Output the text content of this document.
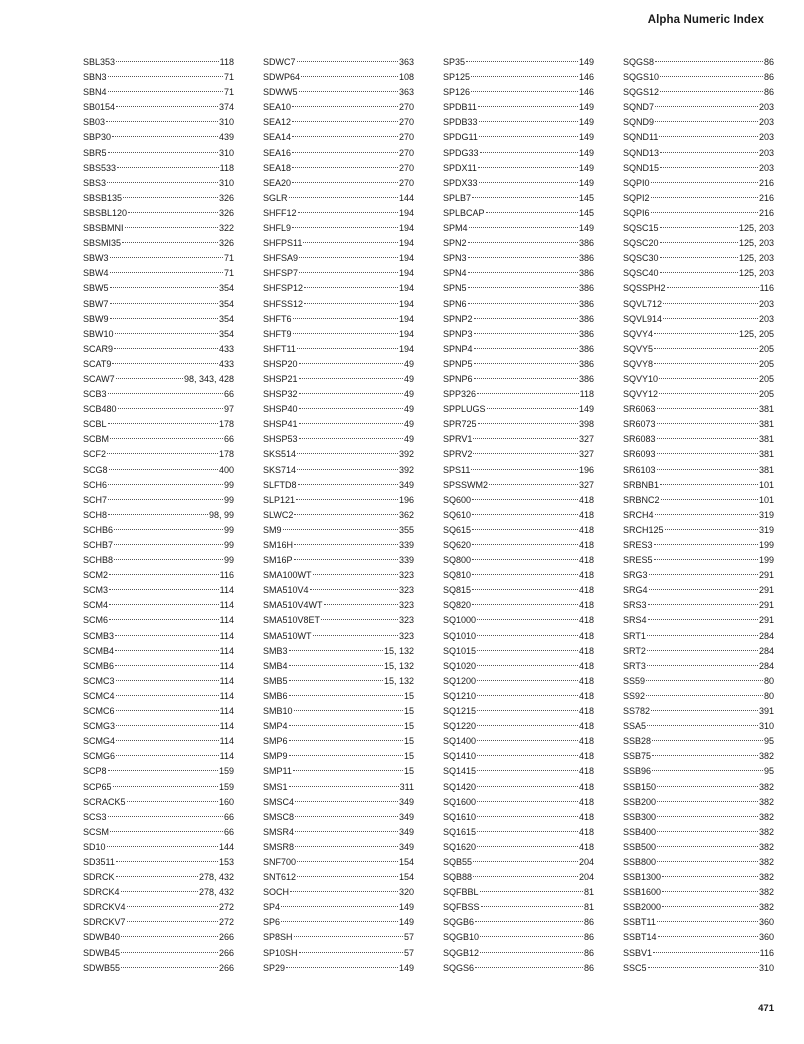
Alpha Numeric Index
SBL353	118
SBN3	71
SBN4	71
SB0154	374
SB03	310
SBP30	439
SBR5	310
SBS533	118
SBS3	310
SBSB135	326
SBSBL120	326
SBSBMNI	322
SBSMI35	326
SBW3	71
SBW4	71
SBW5	354
SBW7	354
SBW9	354
SBW10	354
SCAR9	433
SCAT9	433
SCAW7	98, 343, 428
SCB3	66
SCB480	97
SCBL	178
SCBM	66
SCF2	178
SCG8	400
SCH6	99
SCH7	99
SCH8	98, 99
SCHB6	99
SCHB7	99
SCHB8	99
SCM2	116
SCM3	114
SCM4	114
SCM6	114
SCMB3	114
SCMB4	114
SCMB6	114
SCMC3	114
SCMC4	114
SCMC6	114
SCMG3	114
SCMG4	114
SCMG6	114
SCP8	159
SCP65	159
SCRACK5	160
SCS3	66
SCSM	66
SD10	144
SD3511	153
SDRCK	278, 432
SDRCK4	278, 432
SDRCKV4	272
SDRCKV7	272
SDWB40	266
SDWB45	266
SDWB55	266
SDWC7	363
SDWP64	108
SDWW5	363
SEA10	270
SEA12	270
SEA14	270
SEA16	270
SEA18	270
SEA20	270
SGLR	144
SHFF12	194
SHFL9	194
SHFPS11	194
SHFSA9	194
SHFSP7	194
SHFSP12	194
SHFSS12	194
SHFT6	194
SHFT9	194
SHFT11	194
SHSP20	49
SHSP21	49
SHSP32	49
SHSP40	49
SHSP41	49
SHSP53	49
SKS514	392
SKS714	392
SLFTD8	349
SLP121	196
SLWC2	362
SM9	355
SM16H	339
SM16P	339
SMA100WT	323
SMA510V4	323
SMA510V4WT	323
SMA510V8ET	323
SMA510WT	323
SMB3	15, 132
SMB4	15, 132
SMB5	15, 132
SMB6	15
SMB10	15
SMP4	15
SMP6	15
SMP9	15
SMP11	15
SMS1	311
SMSC4	349
SMSC8	349
SMSR4	349
SMSR8	349
SNF700	154
SNT612	154
SOCH	320
SP4	149
SP6	149
SP8SH	57
SP10SH	57
SP29	149
SP35	149
SP125	146
SP126	146
SPDB11	149
SPDB33	149
SPDG11	149
SPDG33	149
SPDX11	149
SPDX33	149
SPLB7	145
SPLBCAP	145
SPM4	149
SPN2	386
SPN3	386
SPN4	386
SPN5	386
SPN6	386
SPNP2	386
SPNP3	386
SPNP4	386
SPNP5	386
SPNP6	386
SPP326	118
SPPLUGS	149
SPR725	398
SPRV1	327
SPRV2	327
SPS11	196
SPSSWM2	327
SQ600	418
SQ610	418
SQ615	418
SQ620	418
SQ800	418
SQ810	418
SQ815	418
SQ820	418
SQ1000	418
SQ1010	418
SQ1015	418
SQ1020	418
SQ1200	418
SQ1210	418
SQ1215	418
SQ1220	418
SQ1400	418
SQ1410	418
SQ1415	418
SQ1420	418
SQ1600	418
SQ1610	418
SQ1615	418
SQ1620	418
SQB55	204
SQB88	204
SQFBBL	81
SQFBSS	81
SQGB6	86
SQGB10	86
SQGB12	86
SQGS6	86
SQGS8	86
SQGS10	86
SQGS12	86
SQND7	203
SQND9	203
SQND11	203
SQND13	203
SQND15	203
SQPI0	216
SQPI2	216
SQPI6	216
SQSC15	125, 203
SQSC20	125, 203
SQSC30	125, 203
SQSC40	125, 203
SQSSPH2	116
SQVL712	203
SQVL914	203
SQVY4	125, 205
SQVY5	205
SQVY8	205
SQVY10	205
SQVY12	205
SR6063	381
SR6073	381
SR6083	381
SR6093	381
SR6103	381
SRBNB1	101
SRBNC2	101
SRCH4	319
SRCH125	319
SRES3	199
SRES5	199
SRG3	291
SRG4	291
SRS3	291
SRS4	291
SRT1	284
SRT2	284
SRT3	284
SS59	80
SS92	80
SS782	391
SSA5	310
SSB28	95
SSB75	382
SSB96	95
SSB150	382
SSB200	382
SSB300	382
SSB400	382
SSB500	382
SSB800	382
SSB1300	382
SSB1600	382
SSB2000	382
SSBT11	360
SSBT14	360
SSBV1	116
SSC5	310
471
